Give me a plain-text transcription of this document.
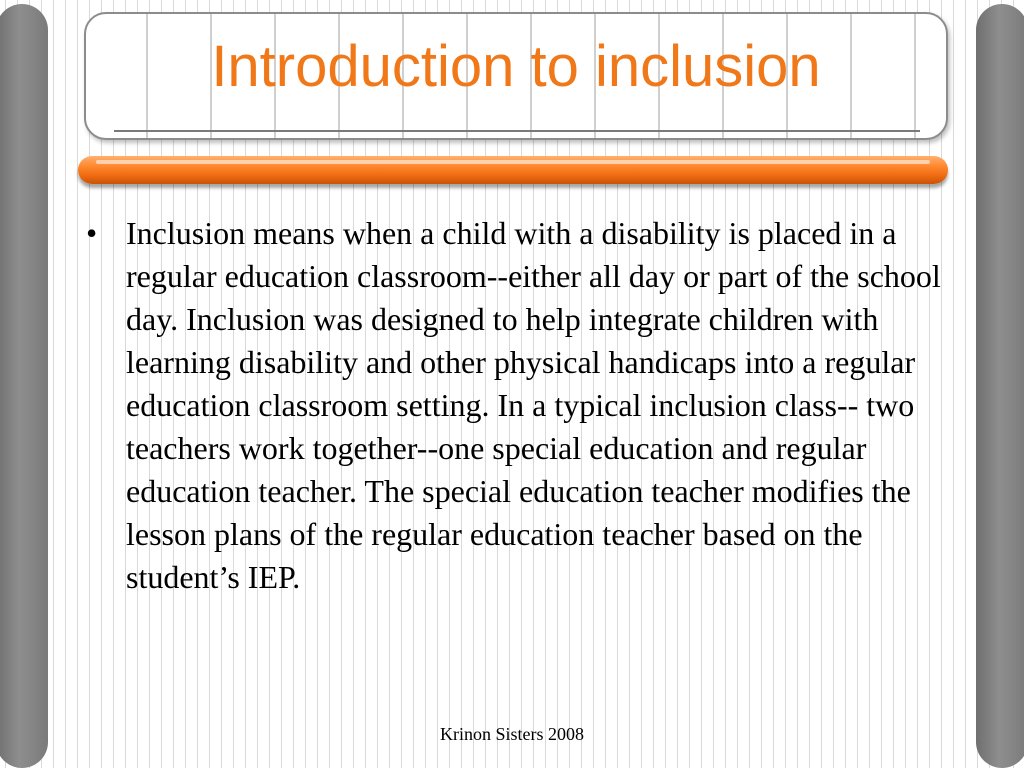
Introduction to inclusion
• Inclusion means when a child with a disability is placed in a regular education classroom--either all day or part of the school day. Inclusion was designed to help integrate children with learning disability and other physical handicaps into a regular education classroom setting. In a typical inclusion class-- two teachers work together--one special education and regular education teacher. The special education teacher modifies the lesson plans of the regular education teacher based on the student’s IEP.
Krinon Sisters 2008
